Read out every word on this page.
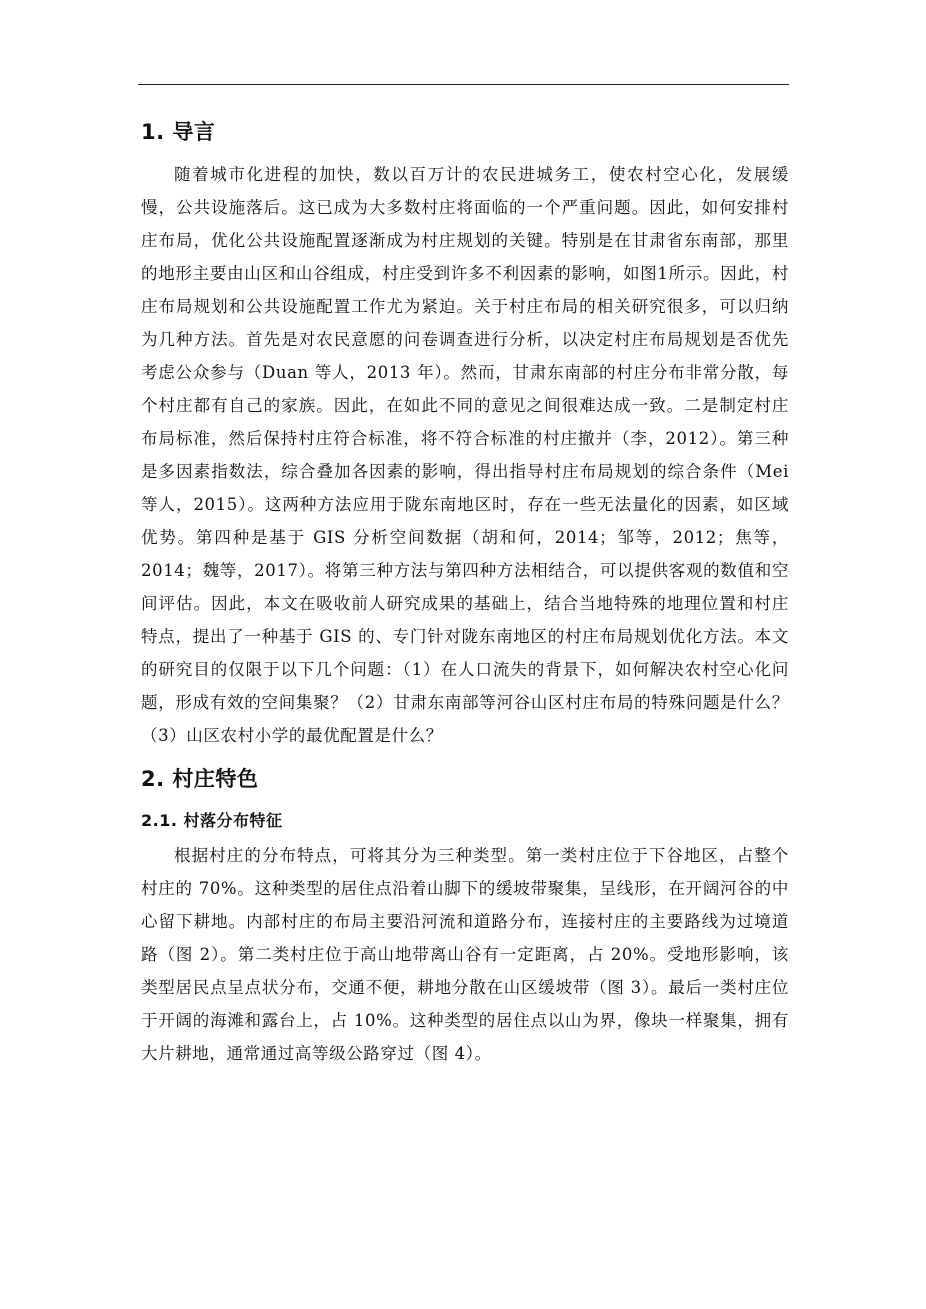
1. 导言

随着城市化进程的加快，数以百万计的农民进城务工，使农村空心化，发展缓慢，公共设施落后。这已成为大多数村庄将面临的一个严重问题。因此，如何安排村庄布局，优化公共设施配置逐渐成为村庄规划的关键。特别是在甘肃省东南部，那里的地形主要由山区和山谷组成，村庄受到许多不利因素的影响，如图1所示。因此，村庄布局规划和公共设施配置工作尤为紧迫。关于村庄布局的相关研究很多，可以归纳为几种方法。首先是对农民意愿的问卷调查进行分析，以决定村庄布局规划是否优先考虑公众参与（Duan 等人，2013 年）。然而，甘肃东南部的村庄分布非常分散，每个村庄都有自己的家族。因此，在如此不同的意见之间很难达成一致。二是制定村庄布局标准，然后保持村庄符合标准，将不符合标准的村庄撤并（李，2012）。第三种是多因素指数法，综合叠加各因素的影响，得出指导村庄布局规划的综合条件（Mei 等人，2015）。这两种方法应用于陇东南地区时，存在一些无法量化的因素，如区域优势。第四种是基于 GIS 分析空间数据（胡和何，2014；邹等，2012；焦等，2014；魏等，2017）。将第三种方法与第四种方法相结合，可以提供客观的数值和空间评估。因此，本文在吸收前人研究成果的基础上，结合当地特殊的地理位置和村庄特点，提出了一种基于 GIS 的、专门针对陇东南地区的村庄布局规划优化方法。本文的研究目的仅限于以下几个问题：（1）在人口流失的背景下，如何解决农村空心化问题，形成有效的空间集聚？（2）甘肃东南部等河谷山区村庄布局的特殊问题是什么？（3）山区农村小学的最优配置是什么？

2. 村庄特色
2.1. 村落分布特征

根据村庄的分布特点，可将其分为三种类型。第一类村庄位于下谷地区，占整个村庄的 70%。这种类型的居住点沿着山脚下的缓坡带聚集，呈线形，在开阔河谷的中心留下耕地。内部村庄的布局主要沿河流和道路分布，连接村庄的主要路线为过境道路（图 2）。第二类村庄位于高山地带离山谷有一定距离，占 20%。受地形影响，该类型居民点呈点状分布，交通不便，耕地分散在山区缓坡带（图 3）。最后一类村庄位于开阔的海滩和露台上，占 10%。这种类型的居住点以山为界，像块一样聚集，拥有大片耕地，通常通过高等级公路穿过（图 4）。
